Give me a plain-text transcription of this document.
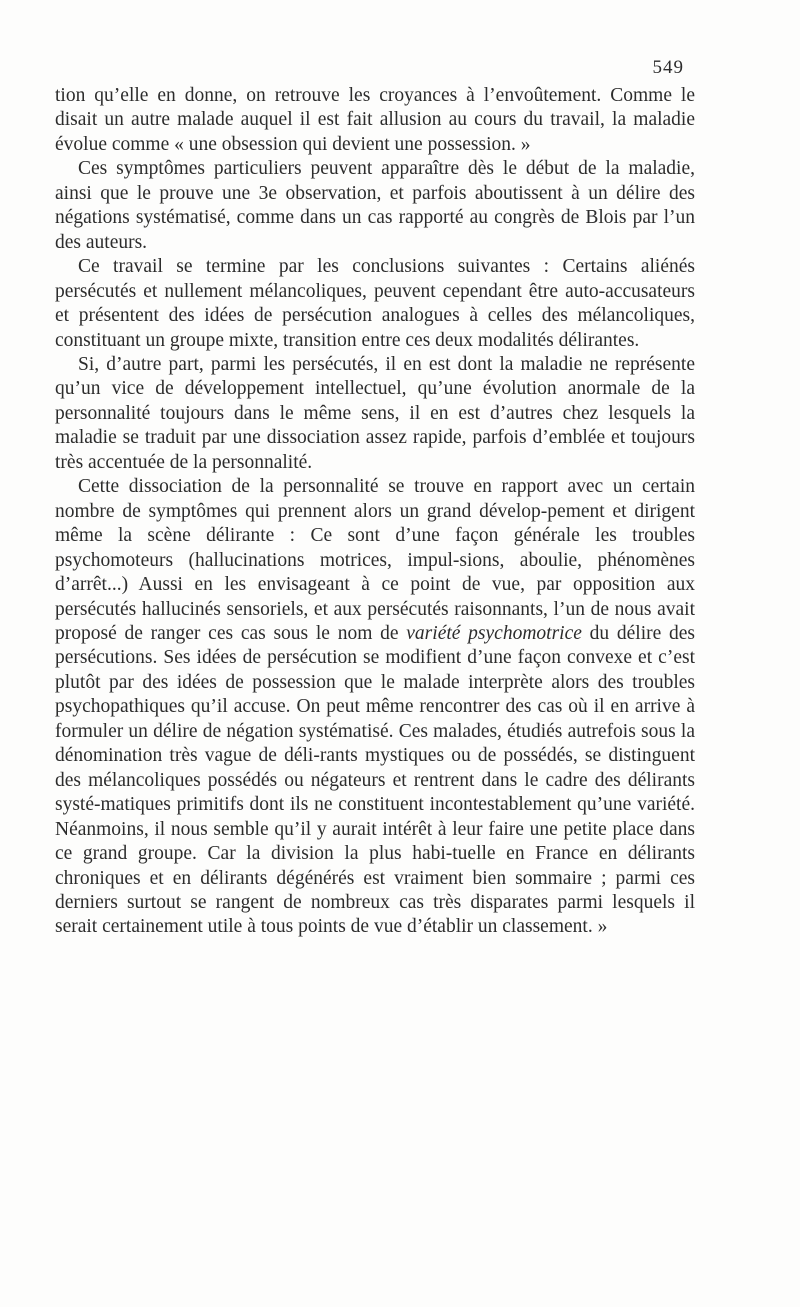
549

tion qu’elle en donne, on retrouve les croyances à l’envoûtement. Comme le disait un autre malade auquel il est fait allusion au cours du travail, la maladie évolue comme « une obsession qui devient une possession. »

Ces symptômes particuliers peuvent apparaître dès le début de la maladie, ainsi que le prouve une 3e observation, et parfois aboutissent à un délire des négations systématisé, comme dans un cas rapporté au congrès de Blois par l’un des auteurs.

Ce travail se termine par les conclusions suivantes : Certains aliénés persécutés et nullement mélancoliques, peuvent cependant être auto-accusateurs et présentent des idées de persécution analogues à celles des mélancoliques, constituant un groupe mixte, transition entre ces deux modalités délirantes.

Si, d’autre part, parmi les persécutés, il en est dont la maladie ne représente qu’un vice de développement intellectuel, qu’une évolution anormale de la personnalité toujours dans le même sens, il en est d’autres chez lesquels la maladie se traduit par une dissociation assez rapide, parfois d’emblée et toujours très accentuée de la personnalité.

Cette dissociation de la personnalité se trouve en rapport avec un certain nombre de symptômes qui prennent alors un grand dévelop-pement et dirigent même la scène délirante : Ce sont d’une façon générale les troubles psychomoteurs (hallucinations motrices, impul-sions, aboulie, phénomènes d’arrêt...) Aussi en les envisageant à ce point de vue, par opposition aux persécutés hallucinés sensoriels, et aux persécutés raisonnants, l’un de nous avait proposé de ranger ces cas sous le nom de variété psychomotrice du délire des persécutions. Ses idées de persécution se modifient d’une façon convexe et c’est plutôt par des idées de possession que le malade interprète alors des troubles psychopathiques qu’il accuse. On peut même rencontrer des cas où il en arrive à formuler un délire de négation systématisé. Ces malades, étudiés autrefois sous la dénomination très vague de déli-rants mystiques ou de possédés, se distinguent des mélancoliques possédés ou négateurs et rentrent dans le cadre des délirants systé-matiques primitifs dont ils ne constituent incontestablement qu’une variété. Néanmoins, il nous semble qu’il y aurait intérêt à leur faire une petite place dans ce grand groupe. Car la division la plus habi-tuelle en France en délirants chroniques et en délirants dégénérés est vraiment bien sommaire ; parmi ces derniers surtout se rangent de nombreux cas très disparates parmi lesquels il serait certainement utile à tous points de vue d’établir un classement. »
